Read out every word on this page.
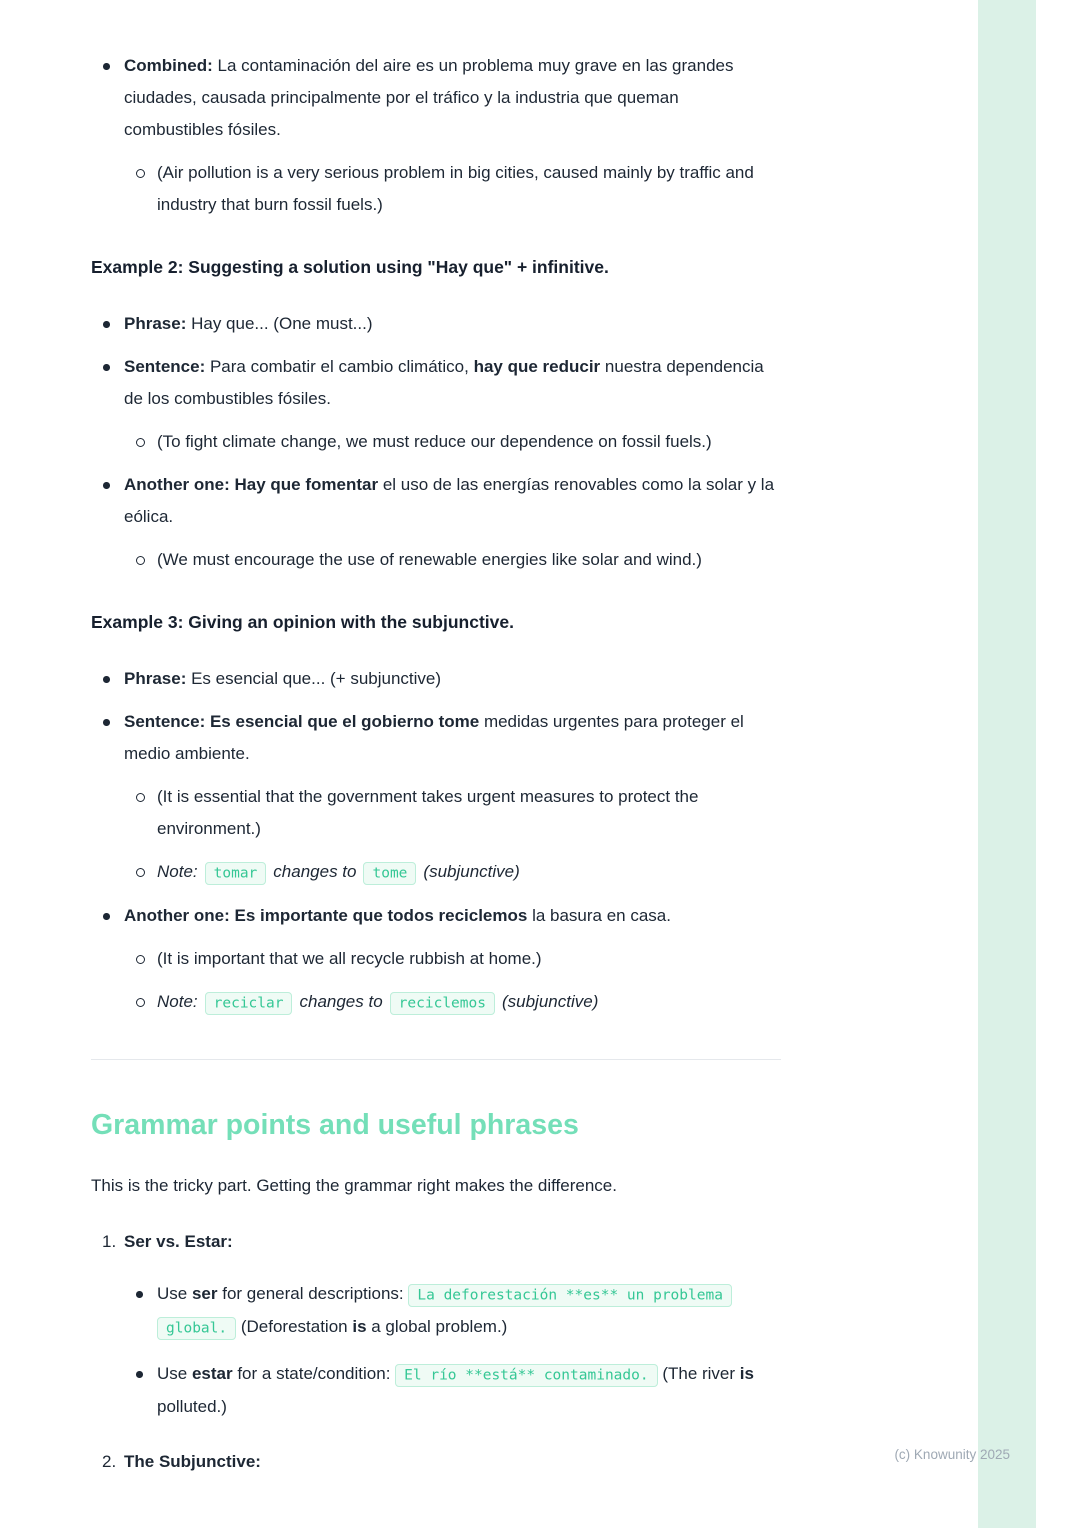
Combined: La contaminación del aire es un problema muy grave en las grandes ciudades, causada principalmente por el tráfico y la industria que queman combustibles fósiles.
(Air pollution is a very serious problem in big cities, caused mainly by traffic and industry that burn fossil fuels.)
Example 2: Suggesting a solution using "Hay que" + infinitive.
Phrase: Hay que... (One must...)
Sentence: Para combatir el cambio climático, hay que reducir nuestra dependencia de los combustibles fósiles.
(To fight climate change, we must reduce our dependence on fossil fuels.)
Another one: Hay que fomentar el uso de las energías renovables como la solar y la eólica.
(We must encourage the use of renewable energies like solar and wind.)
Example 3: Giving an opinion with the subjunctive.
Phrase: Es esencial que... (+ subjunctive)
Sentence: Es esencial que el gobierno tome medidas urgentes para proteger el medio ambiente.
(It is essential that the government takes urgent measures to protect the environment.)
Note: tomar changes to tome (subjunctive)
Another one: Es importante que todos reciclemos la basura en casa.
(It is important that we all recycle rubbish at home.)
Note: reciclar changes to reciclemos (subjunctive)
Grammar points and useful phrases

This is the tricky part. Getting the grammar right makes the difference.

1. Ser vs. Estar:
Use ser for general descriptions: La deforestación **es** un problema global. (Deforestation is a global problem.)
Use estar for a state/condition: El río **está** contaminado. (The river is polluted.)
2. The Subjunctive:	(c) Knowunity 2025
